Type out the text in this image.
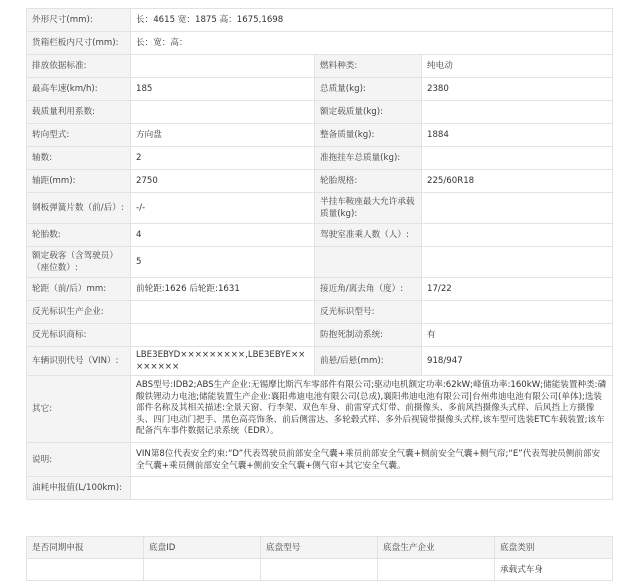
外形尺寸(mm):	长：4615 宽：1875 高：1675,1698		
货箱栏板内尺寸(mm):	长：宽：高：		
排放依据标准:		燃料种类:	纯电动
最高车速(km/h):	185	总质量(kg):	2380
载质量利用系数:		额定载质量(kg):	
转向型式:	方向盘	整备质量(kg):	1884
轴数:	2	准拖挂车总质量(kg):	
轴距(mm):	2750	轮胎规格:	225/60R18
钢板弹簧片数（前/后）:	-/-	半挂车鞍座最大允许承载质量(kg):	
轮胎数:	4	驾驶室准乘人数（人）:	
额定载客（含驾驶员）（座位数）:	5		
轮距（前/后）mm:	前轮距:1626 后轮距:1631	接近角/离去角（度）:	17/22
反光标识生产企业:		反光标识型号:	
反光标识商标:		防抱死制动系统:	有
车辆识别代号（VIN）:	LBE3EBYD×××××××××,LBE3EBYE××××××××	前悬/后悬(mm):	918/947
其它:	ABS型号:IDB2;ABS生产企业:无锡摩比斯汽车零部件有限公司;驱动电机额定功率:62kW;峰值功率:160kW;储能装置种类:磷酸铁锂动力电池;储能装置生产企业:襄阳弗迪电池有限公司(总成),襄阳弗迪电池有限公司|台州弗迪电池有限公司(单体);选装部件名称及其相关描述:全景天窗、行李架、双色车身、前雷穿式灯带、前摄像头、多前风挡摄像头式样、后风挡上方摄像头、四门电动门把手、黑色高亮饰条、前后侧雷达、多轮毂式样、多外后视镜带摄像头式样,该车型可选装ETC车载装置;该车配备汽车事件数据记录系统（EDR）。		
说明:	VIN第8位代表安全约束:“D”代表驾驶员前部安全气囊+乘员前部安全气囊+侧前安全气囊+侧气帘;“E”代表驾驶员侧前部安全气囊+乘员侧前部安全气囊+侧前安全气囊+侧气帘+其它安全气囊。		
油耗申报值(L/100km):			
是否同期申报	底盘ID	底盘型号	底盘生产企业	底盘类别
				承载式车身
